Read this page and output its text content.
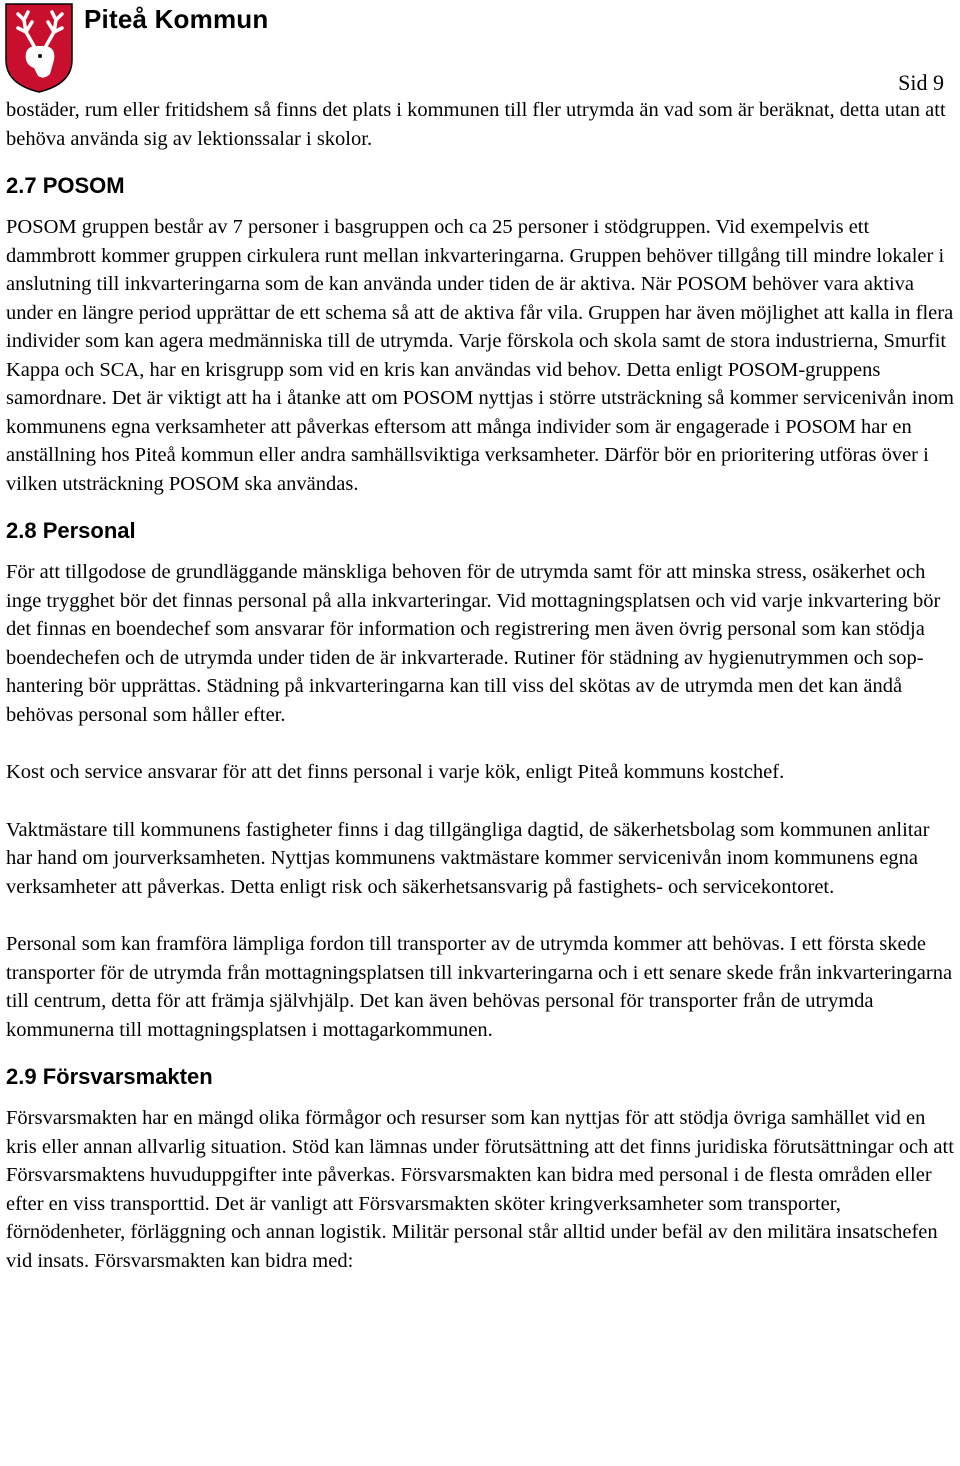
Piteå Kommun
Sid 9

bostäder, rum eller fritidshem så finns det plats i kommunen till fler utrymda än vad som är beräknat, detta utan att behöva använda sig av lektionssalar i skolor.

2.7 POSOM

POSOM gruppen består av 7 personer i basgruppen och ca 25 personer i stödgruppen. Vid exempelvis ett dammbrott kommer gruppen cirkulera runt mellan inkvarteringarna. Gruppen behöver tillgång till mindre lokaler i anslutning till inkvarteringarna som de kan använda under tiden de är aktiva. När POSOM behöver vara aktiva under en längre period upprättar de ett schema så att de aktiva får vila. Gruppen har även möjlighet att kalla in flera individer som kan agera medmänniska till de utrymda. Varje förskola och skola samt de stora industrierna, Smurfit Kappa och SCA, har en krisgrupp som vid en kris kan användas vid behov. Detta enligt POSOM-gruppens samordnare. Det är viktigt att ha i åtanke att om POSOM nyttjas i större utsträckning så kommer servicenivån inom kommunens egna verksamheter att påverkas eftersom att många individer som är engagerade i POSOM har en anställning hos Piteå kommun eller andra samhällsviktiga verksamheter. Därför bör en prioritering utföras över i vilken utsträckning POSOM ska användas.

2.8 Personal

För att tillgodose de grundläggande mänskliga behoven för de utrymda samt för att minska stress, osäkerhet och inge trygghet bör det finnas personal på alla inkvarteringar. Vid mottagningsplatsen och vid varje inkvartering bör det finnas en boendechef som ansvarar för information och registrering men även övrig personal som kan stödja boendechefen och de utrymda under tiden de är inkvarterade. Rutiner för städning av hygienutrymmen och sop-hantering bör upprättas. Städning på inkvarteringarna kan till viss del skötas av de utrymda men det kan ändå behövas personal som håller efter.

Kost och service ansvarar för att det finns personal i varje kök, enligt Piteå kommuns kostchef.

Vaktmästare till kommunens fastigheter finns i dag tillgängliga dagtid, de säkerhetsbolag som kommunen anlitar har hand om jourverksamheten. Nyttjas kommunens vaktmästare kommer servicenivån inom kommunens egna verksamheter att påverkas. Detta enligt risk och säkerhetsansvarig på fastighets- och servicekontoret.

Personal som kan framföra lämpliga fordon till transporter av de utrymda kommer att behövas. I ett första skede transporter för de utrymda från mottagningsplatsen till inkvarteringarna och i ett senare skede från inkvarteringarna till centrum, detta för att främja självhjälp. Det kan även behövas personal för transporter från de utrymda kommunerna till mottagningsplatsen i mottagarkommunen.

2.9 Försvarsmakten

Försvarsmakten har en mängd olika förmågor och resurser som kan nyttjas för att stödja övriga samhället vid en kris eller annan allvarlig situation. Stöd kan lämnas under förutsättning att det finns juridiska förutsättningar och att Försvarsmaktens huvuduppgifter inte påverkas. Försvarsmakten kan bidra med personal i de flesta områden eller efter en viss transporttid. Det är vanligt att Försvarsmakten sköter kringverksamheter som transporter, förnödenheter, förläggning och annan logistik. Militär personal står alltid under befäl av den militära insatschefen vid insats. Försvarsmakten kan bidra med:
